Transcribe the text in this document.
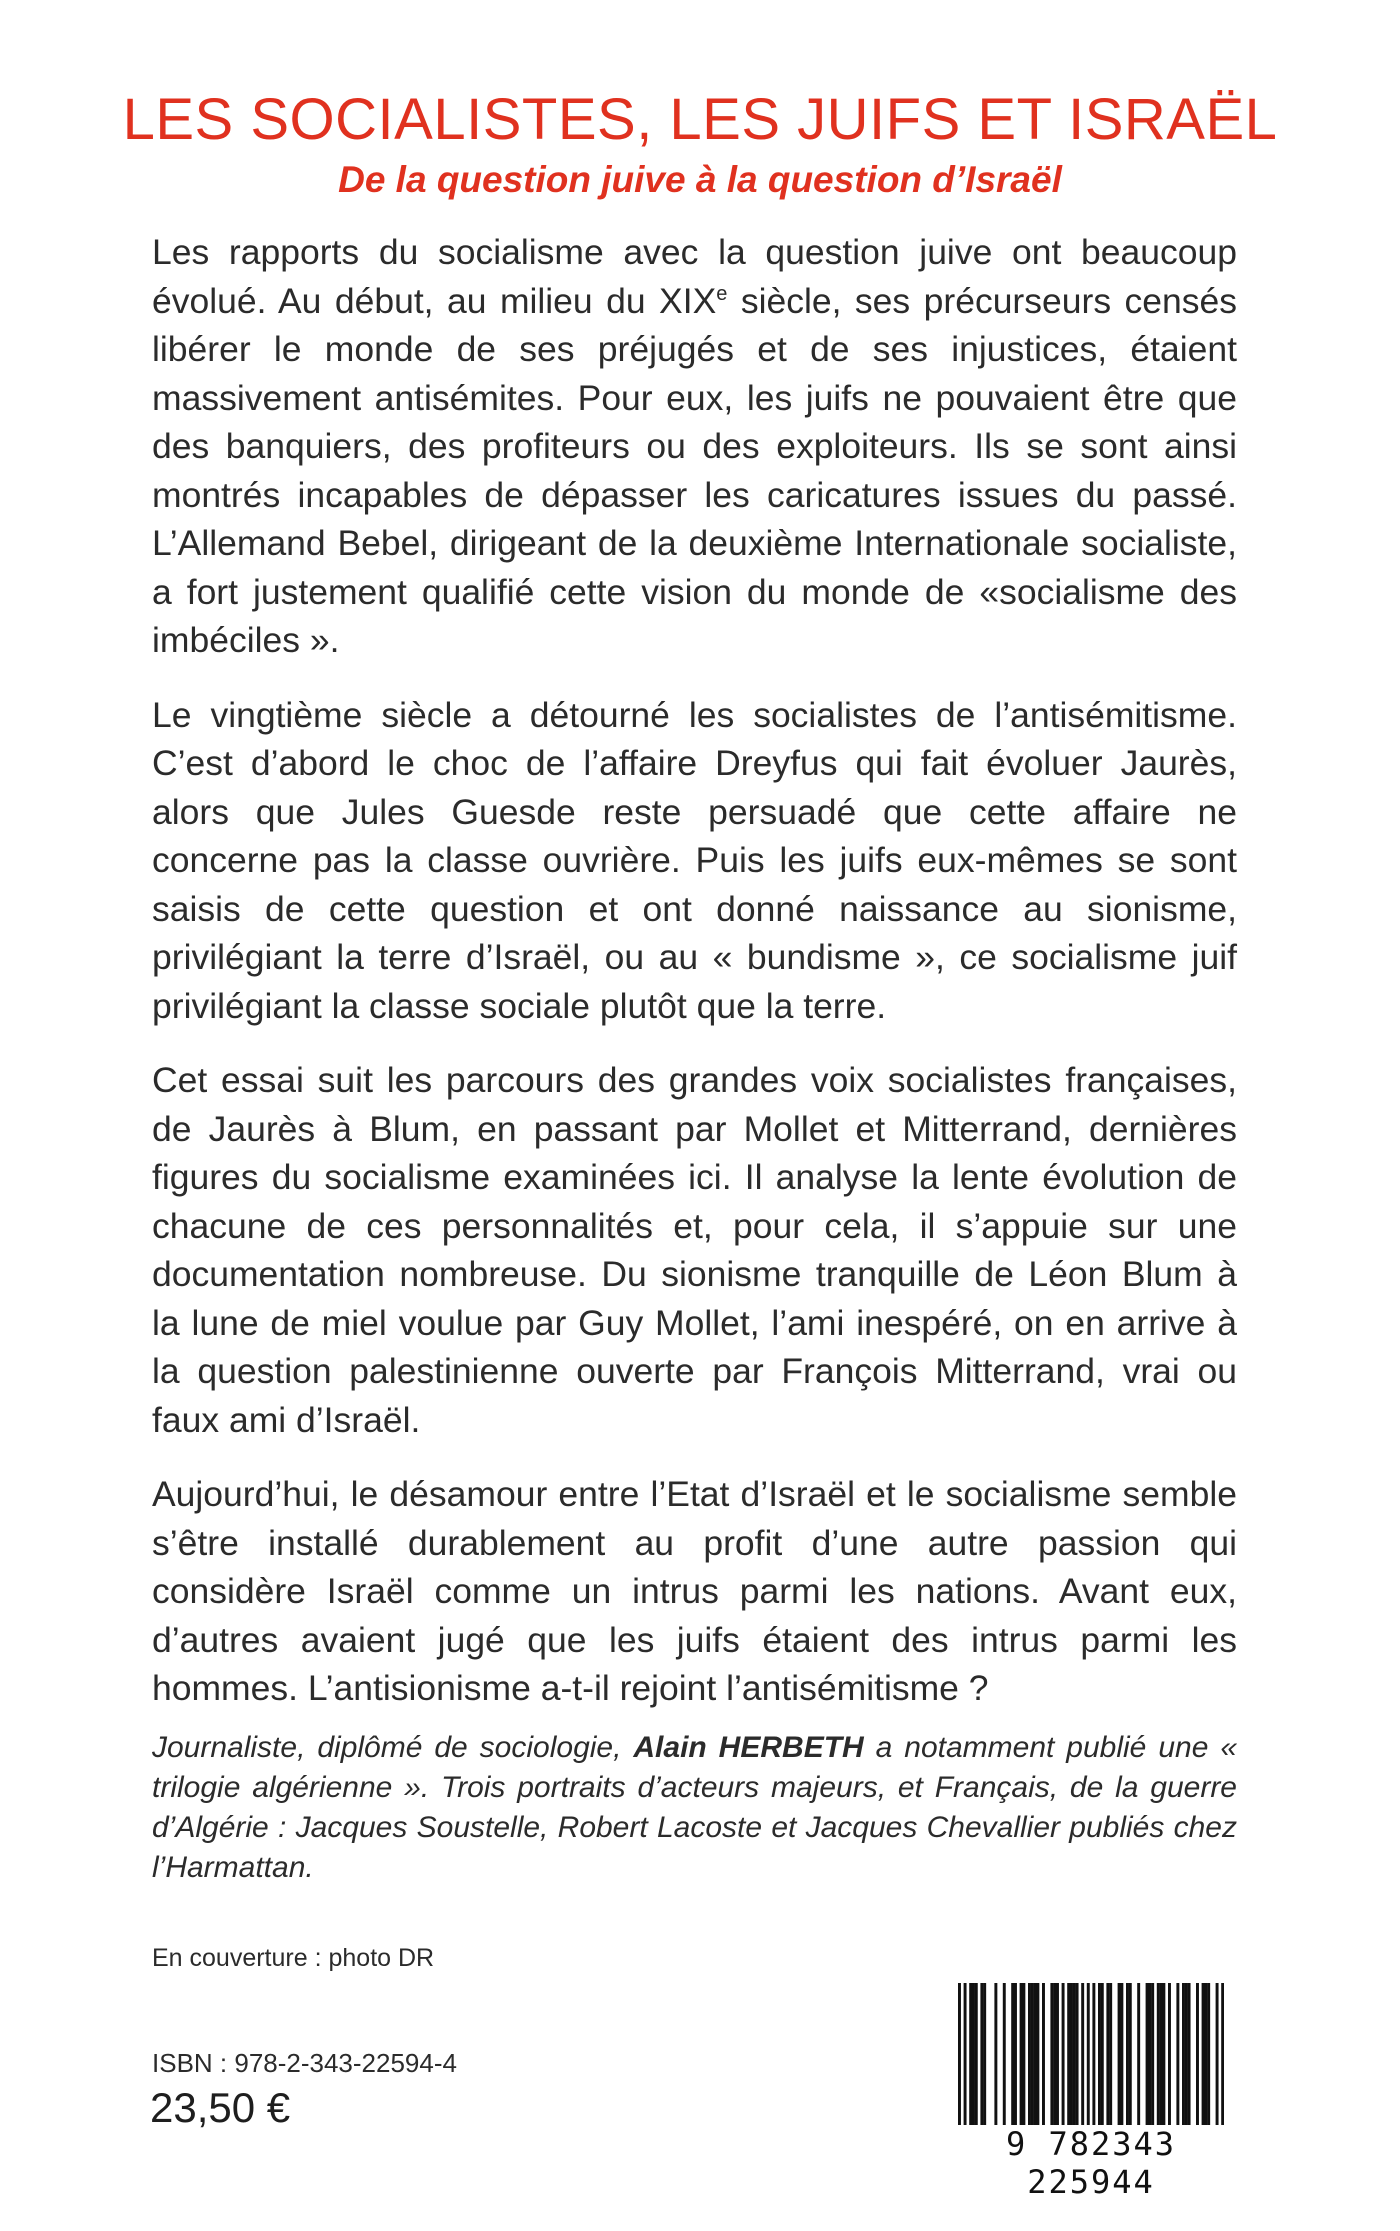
LES SOCIALISTES, LES JUIFS ET ISRAËL
De la question juive à la question d’Israël

Les rapports du socialisme avec la question juive ont beaucoup évolué. Au début, au milieu du XIXe siècle, ses précurseurs censés libérer le monde de ses préjugés et de ses injustices, étaient massivement antisémites. Pour eux, les juifs ne pouvaient être que des banquiers, des profiteurs ou des exploiteurs. Ils se sont ainsi montrés incapables de dépasser les caricatures issues du passé. L’Allemand Bebel, dirigeant de la deuxième Internationale socialiste, a fort justement qualifié cette vision du monde de «socialisme des imbéciles ».

Le vingtième siècle a détourné les socialistes de l’antisémitisme. C’est d’abord le choc de l’affaire Dreyfus qui fait évoluer Jaurès, alors que Jules Guesde reste persuadé que cette affaire ne concerne pas la classe ouvrière. Puis les juifs eux-mêmes se sont saisis de cette question et ont donné naissance au sionisme, privilégiant la terre d’Israël, ou au « bundisme », ce socialisme juif privilégiant la classe sociale plutôt que la terre.

Cet essai suit les parcours des grandes voix socialistes françaises, de Jaurès à Blum, en passant par Mollet et Mitterrand, dernières figures du socialisme examinées ici. Il analyse la lente évolution de chacune de ces personnalités et, pour cela, il s’appuie sur une documentation nombreuse. Du sionisme tranquille de Léon Blum à la lune de miel voulue par Guy Mollet, l’ami inespéré, on en arrive à la question palestinienne ouverte par François Mitterrand, vrai ou faux ami d’Israël.

Aujourd’hui, le désamour entre l’Etat d’Israël et le socialisme semble s’être installé durablement au profit d’une autre passion qui considère Israël comme un intrus parmi les nations. Avant eux, d’autres avaient jugé que les juifs étaient des intrus parmi les hommes. L’antisionisme a-t-il rejoint l’antisémitisme ?

Journaliste, diplômé de sociologie, Alain HERBETH a notamment publié une « trilogie algérienne ». Trois portraits d’acteurs majeurs, et Français, de la guerre d’Algérie : Jacques Soustelle, Robert Lacoste et Jacques Chevallier publiés chez l’Harmattan.

En couverture : photo DR

ISBN : 978-2-343-22594-4

23,50 €

9 782343 225944
